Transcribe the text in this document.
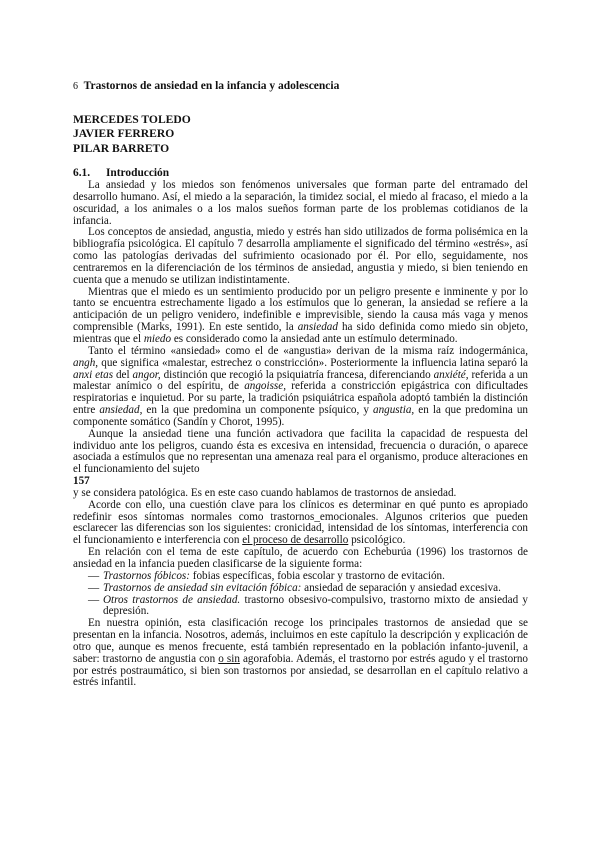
6 Trastornos de ansiedad en la infancia y adolescencia
MERCEDES TOLEDO
JAVIER FERRERO
PILAR BARRETO
6.1. Introducción

La ansiedad y los miedos son fenómenos universales que forman parte del entramado del desarrollo humano. Así, el miedo a la separación, la timidez social, el miedo al fracaso, el miedo a la oscuridad, a los animales o a los malos sueños forman parte de los problemas cotidianos de la infancia.

Los conceptos de ansiedad, angustia, miedo y estrés han sido utilizados de forma polisémica en la bibliografía psicológica. El capítulo 7 desarrolla ampliamente el significado del término «estrés», así como las patologías derivadas del sufrimiento ocasionado por él. Por ello, seguidamente, nos centraremos en la diferenciación de los términos de ansiedad, angustia y miedo, si bien teniendo en cuenta que a menudo se utilizan indistintamente.

Mientras que el miedo es un sentimiento producido por un peligro presente e inminente y por lo tanto se encuentra estrechamente ligado a los estímulos que lo generan, la ansiedad se refiere a la anticipación de un peligro venidero, indefinible e imprevisible, siendo la causa más vaga y menos comprensible (Marks, 1991). En este sentido, la ansiedad ha sido definida como miedo sin objeto, mientras que el miedo es considerado como la ansiedad ante un estímulo determinado.

Tanto el término «ansiedad» como el de «angustia» derivan de la misma raíz indogermánica, angh, que significa «malestar, estrechez o constricción». Posteriormente la influencia latina separó la anxi etas del angor, distinción que recogió la psiquiatría francesa, diferenciando anxiété, referida a un malestar anímico o del espíritu, de angoisse, referida a constricción epigástrica con dificultades respiratorias e inquietud. Por su parte, la tradición psiquiátrica española adoptó también la distinción entre ansiedad, en la que predomina un componente psíquico, y angustia, en la que predomina un componente somático (Sandín y Chorot, 1995).

Aunque la ansiedad tiene una función activadora que facilita la capacidad de respuesta del individuo ante los peligros, cuando ésta es excesiva en intensidad, frecuencia o duración, o aparece asociada a estímulos que no representan una amenaza real para el organismo, produce alteraciones en el funcionamiento del sujeto

157

y se considera patológica. Es en este caso cuando hablamos de trastornos de ansiedad.

Acorde con ello, una cuestión clave para los clínicos es determinar en qué punto es apropiado redefinir esos síntomas normales como trastornos_emocionales. Algunos criterios que pueden esclarecer las diferencias son los siguientes: cronicidad, intensidad de los síntomas, interferencia con el funcionamiento e interferencia con el proceso de desarrollo psicológico.

En relación con el tema de este capítulo, de acuerdo con Echeburúa (1996) los trastornos de ansiedad en la infancia pueden clasificarse de la siguiente forma:

— Trastornos fóbicos: fobias específicas, fobia escolar y trastorno de evitación.
— Trastornos de ansiedad sin evitación fóbica: ansiedad de separación y ansiedad excesiva.
— Otros trastornos de ansiedad. trastorno obsesivo-compulsivo, trastorno mixto de ansiedad y depresión.

En nuestra opinión, esta clasificación recoge los principales trastornos de ansiedad que se presentan en la infancia. Nosotros, además, incluimos en este capítulo la descripción y explicación de otro que, aunque es menos frecuente, está también representado en la población infanto-juvenil, a saber: trastorno de angustia con o sin agorafobia. Además, el trastorno por estrés agudo y el trastorno por estrés postraumático, si bien son trastornos por ansiedad, se desarrollan en el capítulo relativo a estrés infantil.
